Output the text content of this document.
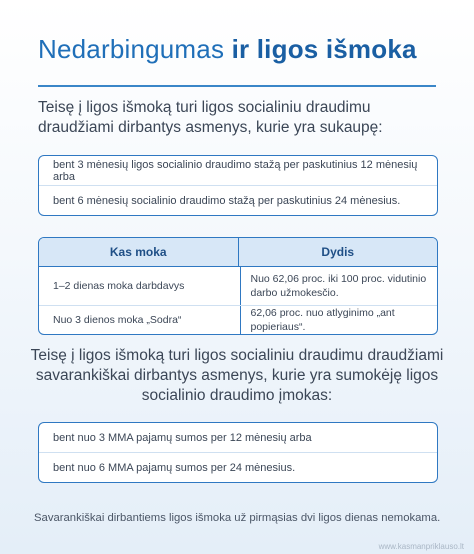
Nedarbingumas ir ligos išmoka
Teisę į ligos išmoką turi ligos socialiniu draudimu draudžiami dirbantys asmenys, kurie yra sukaupę:
bent 3 mėnesių ligos socialinio draudimo stažą per paskutinius 12 mėnesių arba
bent 6 mėnesių socialinio draudimo stažą per paskutinius 24 mėnesius.
Kas moka	Dydis
1–2 dienas moka darbdavys
Nuo 62,06 proc. iki 100 proc. vidutinio darbo užmokesčio.
Nuo 3 dienos moka „Sodra“
62,06 proc. nuo atlyginimo „ant popieriaus“.
Teisę į ligos išmoką turi ligos socialiniu draudimu draudžiami savarankiškai dirbantys asmenys, kurie yra sumokėję ligos socialinio draudimo įmokas:
bent nuo 3 MMA pajamų sumos per 12 mėnesių arba
bent nuo 6 MMA pajamų sumos per 24 mėnesius.
Savarankiškai dirbantiems ligos išmoka už pirmąsias dvi ligos dienas nemokama.
www.kasmanpriklauso.lt
